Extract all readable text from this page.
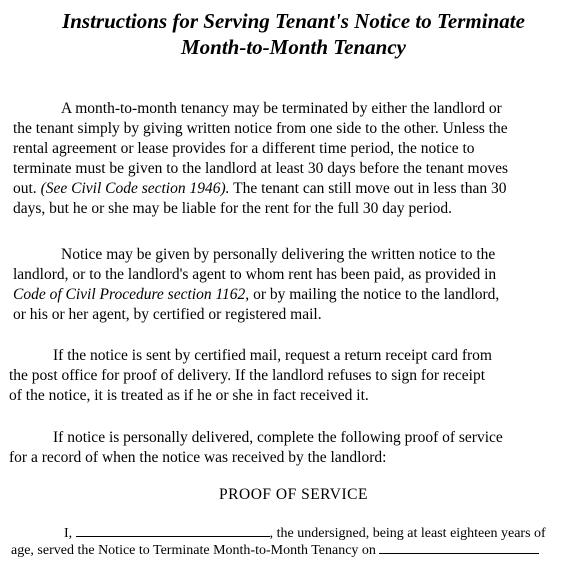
Instructions for Serving Tenant's Notice to Terminate
Month-to-Month Tenancy
A month-to-month tenancy may be terminated by either the landlord or
the tenant simply by giving written notice from one side to the other. Unless the
rental agreement or lease provides for a different time period, the notice to
terminate must be given to the landlord at least 30 days before the tenant moves
out. (See Civil Code section 1946). The tenant can still move out in less than 30
days, but he or she may be liable for the rent for the full 30 day period.
Notice may be given by personally delivering the written notice to the
landlord, or to the landlord's agent to whom rent has been paid, as provided in
Code of Civil Procedure section 1162, or by mailing the notice to the landlord,
or his or her agent, by certified or registered mail.
If the notice is sent by certified mail, request a return receipt card from
the post office for proof of delivery. If the landlord refuses to sign for receipt
of the notice, it is treated as if he or she in fact received it.
If notice is personally delivered, complete the following proof of service
for a record of when the notice was received by the landlord:
PROOF OF SERVICE
I,	, the undersigned, being at least eighteen years of
age, served the Notice to Terminate Month-to-Month Tenancy on
